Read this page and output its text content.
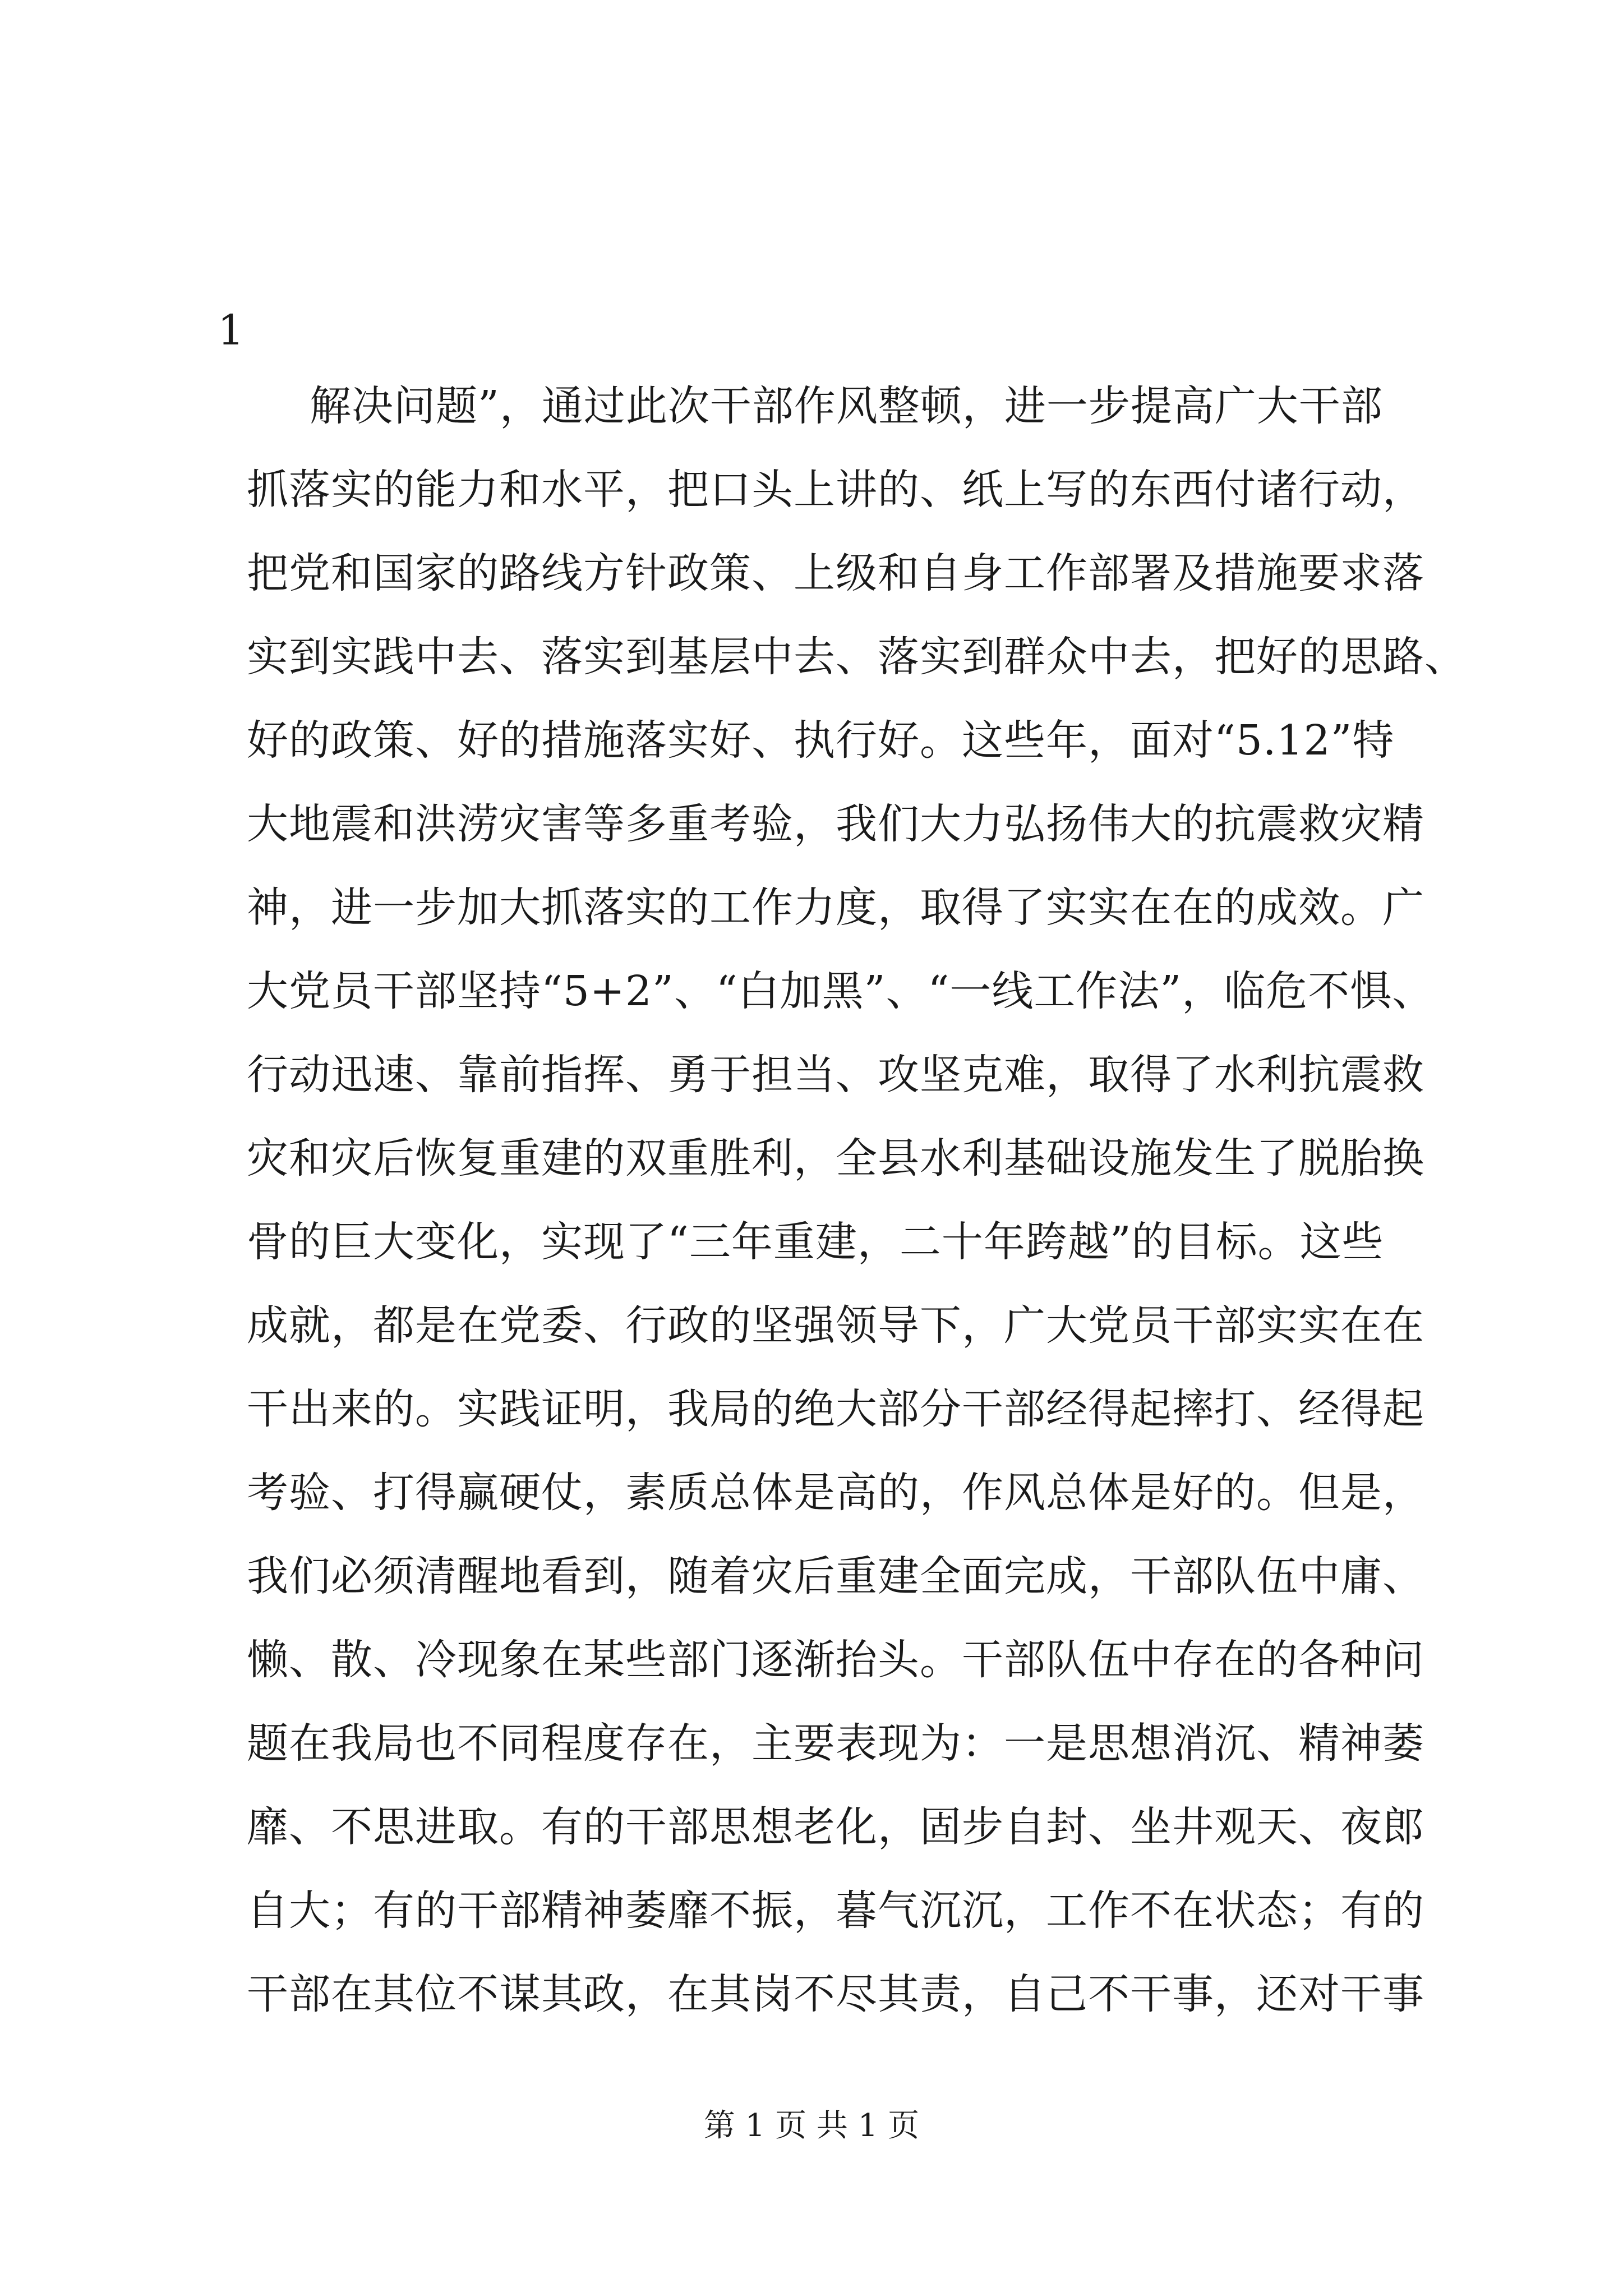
1
解决问题”，通过此次干部作风整顿，进一步提高广大干部
抓落实的能力和水平，把口头上讲的、纸上写的东西付诸行动，
把党和国家的路线方针政策、上级和自身工作部署及措施要求落
实到实践中去、落实到基层中去、落实到群众中去，把好的思路、
好的政策、好的措施落实好、执行好。这些年，面对“5.12”特
大地震和洪涝灾害等多重考验，我们大力弘扬伟大的抗震救灾精
神，进一步加大抓落实的工作力度，取得了实实在在的成效。广
大党员干部坚持“5+2”、“白加黑”、“一线工作法”，临危不惧、
行动迅速、靠前指挥、勇于担当、攻坚克难，取得了水利抗震救
灾和灾后恢复重建的双重胜利，全县水利基础设施发生了脱胎换
骨的巨大变化，实现了“三年重建，二十年跨越”的目标。这些
成就，都是在党委、行政的坚强领导下，广大党员干部实实在在
干出来的。实践证明，我局的绝大部分干部经得起摔打、经得起
考验、打得赢硬仗，素质总体是高的，作风总体是好的。但是，
我们必须清醒地看到，随着灾后重建全面完成，干部队伍中庸、
懒、散、冷现象在某些部门逐渐抬头。干部队伍中存在的各种问
题在我局也不同程度存在，主要表现为：一是思想消沉、精神萎
靡、不思进取。有的干部思想老化，固步自封、坐井观天、夜郎
自大；有的干部精神萎靡不振，暮气沉沉，工作不在状态；有的
干部在其位不谋其政，在其岗不尽其责，自己不干事，还对干事
第 1 页 共 1 页
